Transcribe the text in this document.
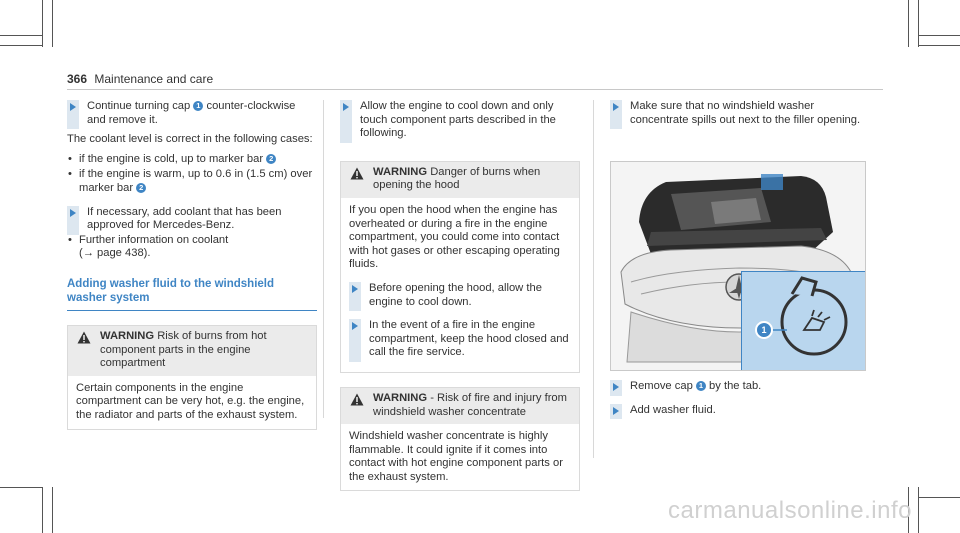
366 Maintenance and care
Continue turning cap 1 counter-clockwise and remove it.

The coolant level is correct in the following cases:

• if the engine is cold, up to marker bar 2
• if the engine is warm, up to 0.6 in (1.5 cm) over marker bar 2
If necessary, add coolant that has been approved for Mercedes-Benz.
• Further information on coolant
(→ page 438).
Adding washer fluid to the windshield washer system
WARNING Risk of burns from hot component parts in the engine compartment
Certain components in the engine compartment can be very hot, e.g. the engine, the radiator and parts of the exhaust system.
Allow the engine to cool down and only touch component parts described in the following.
WARNING Danger of burns when opening the hood
If you open the hood when the engine has overheated or during a fire in the engine compartment, you could come into contact with hot gases or other escaping operating fluids.
Before opening the hood, allow the engine to cool down.
In the event of a fire in the engine compartment, keep the hood closed and call the fire service.
WARNING - Risk of fire and injury from windshield washer concentrate
Windshield washer concentrate is highly flammable. It could ignite if it comes into contact with hot engine component parts or the exhaust system.
Make sure that no windshield washer concentrate spills out next to the filler opening.
1
Remove cap 1 by the tab.
Add washer fluid.
carmanualsonline.info
